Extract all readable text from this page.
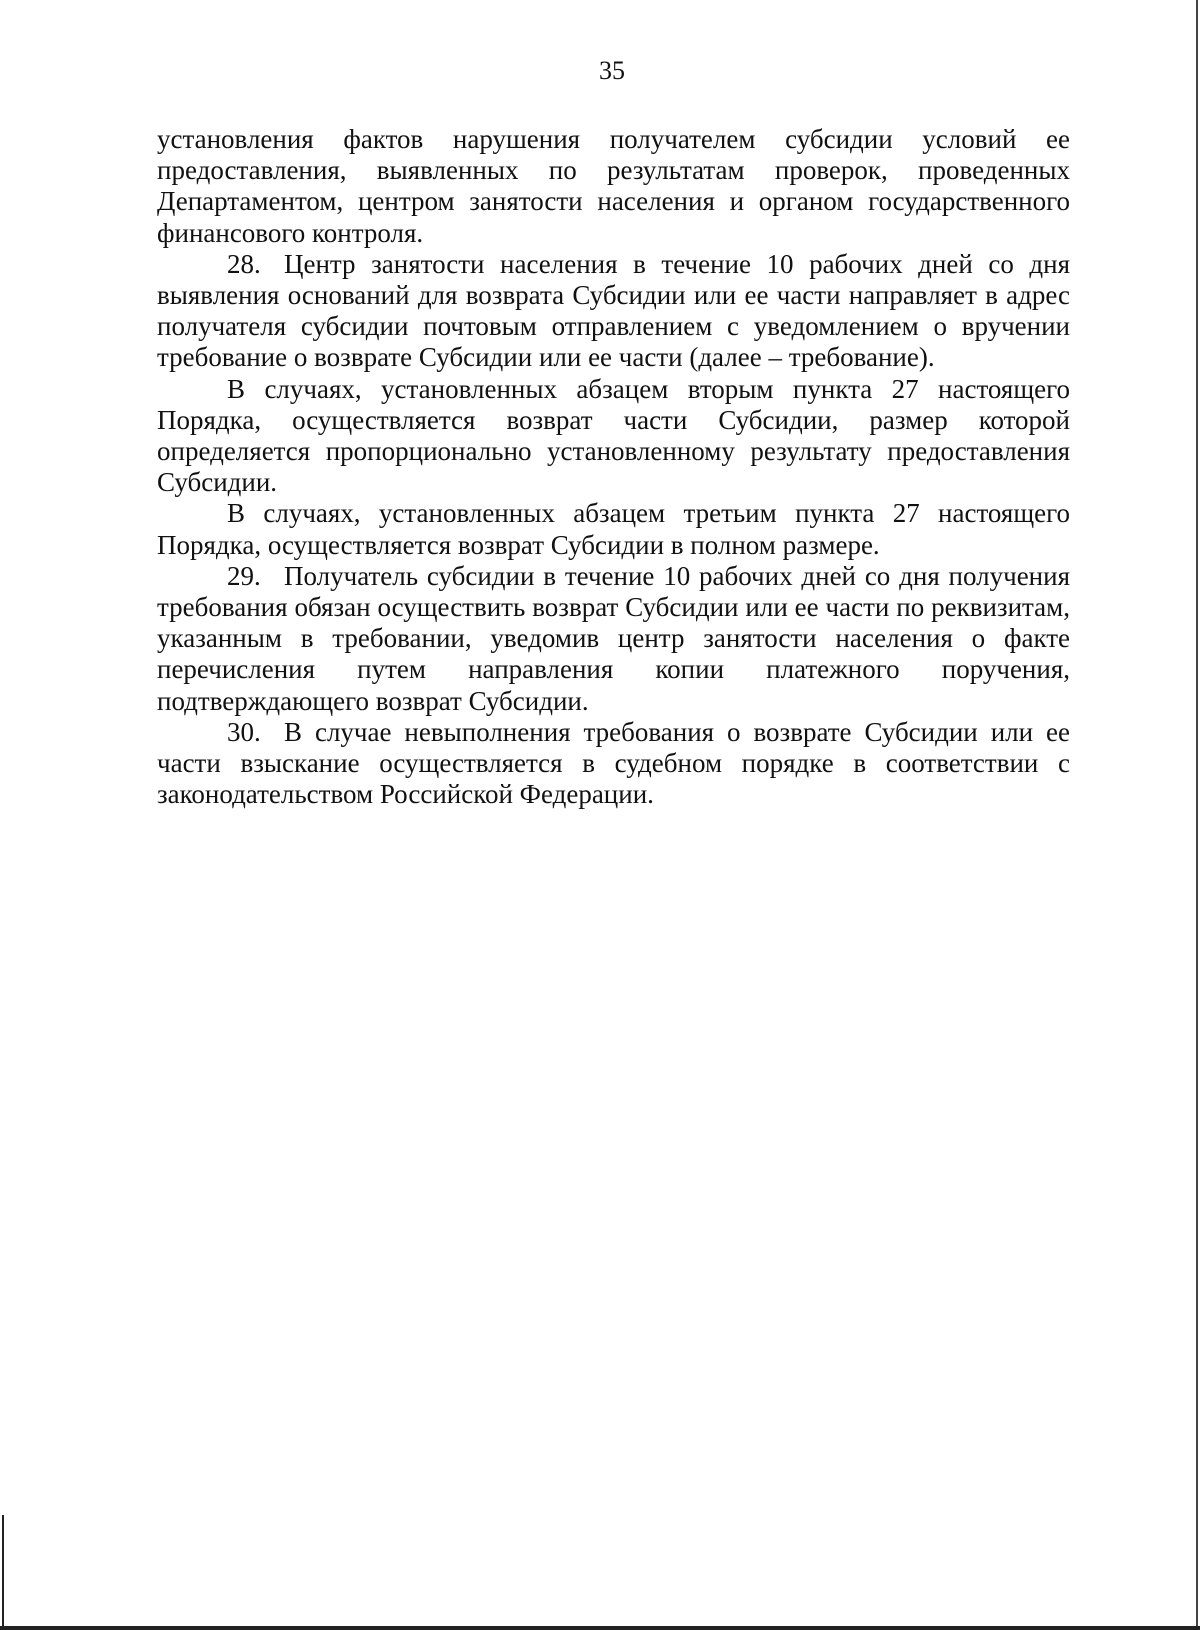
35

установления фактов нарушения получателем субсидии условий ее предоставления, выявленных по результатам проверок, проведенных Департаментом, центром занятости населения и органом государственного финансового контроля.

28. Центр занятости населения в течение 10 рабочих дней со дня выявления оснований для возврата Субсидии или ее части направляет в адрес получателя субсидии почтовым отправлением с уведомлением о вручении требование о возврате Субсидии или ее части (далее – требование).

В случаях, установленных абзацем вторым пункта 27 настоящего Порядка, осуществляется возврат части Субсидии, размер которой определяется пропорционально установленному результату предоставления Субсидии.

В случаях, установленных абзацем третьим пункта 27 настоящего Порядка, осуществляется возврат Субсидии в полном размере.

29. Получатель субсидии в течение 10 рабочих дней со дня получения требования обязан осуществить возврат Субсидии или ее части по реквизитам, указанным в требовании, уведомив центр занятости населения о факте перечисления путем направления копии платежного поручения, подтверждающего возврат Субсидии.

30. В случае невыполнения требования о возврате Субсидии или ее части взыскание осуществляется в судебном порядке в соответствии с законодательством Российской Федерации.
